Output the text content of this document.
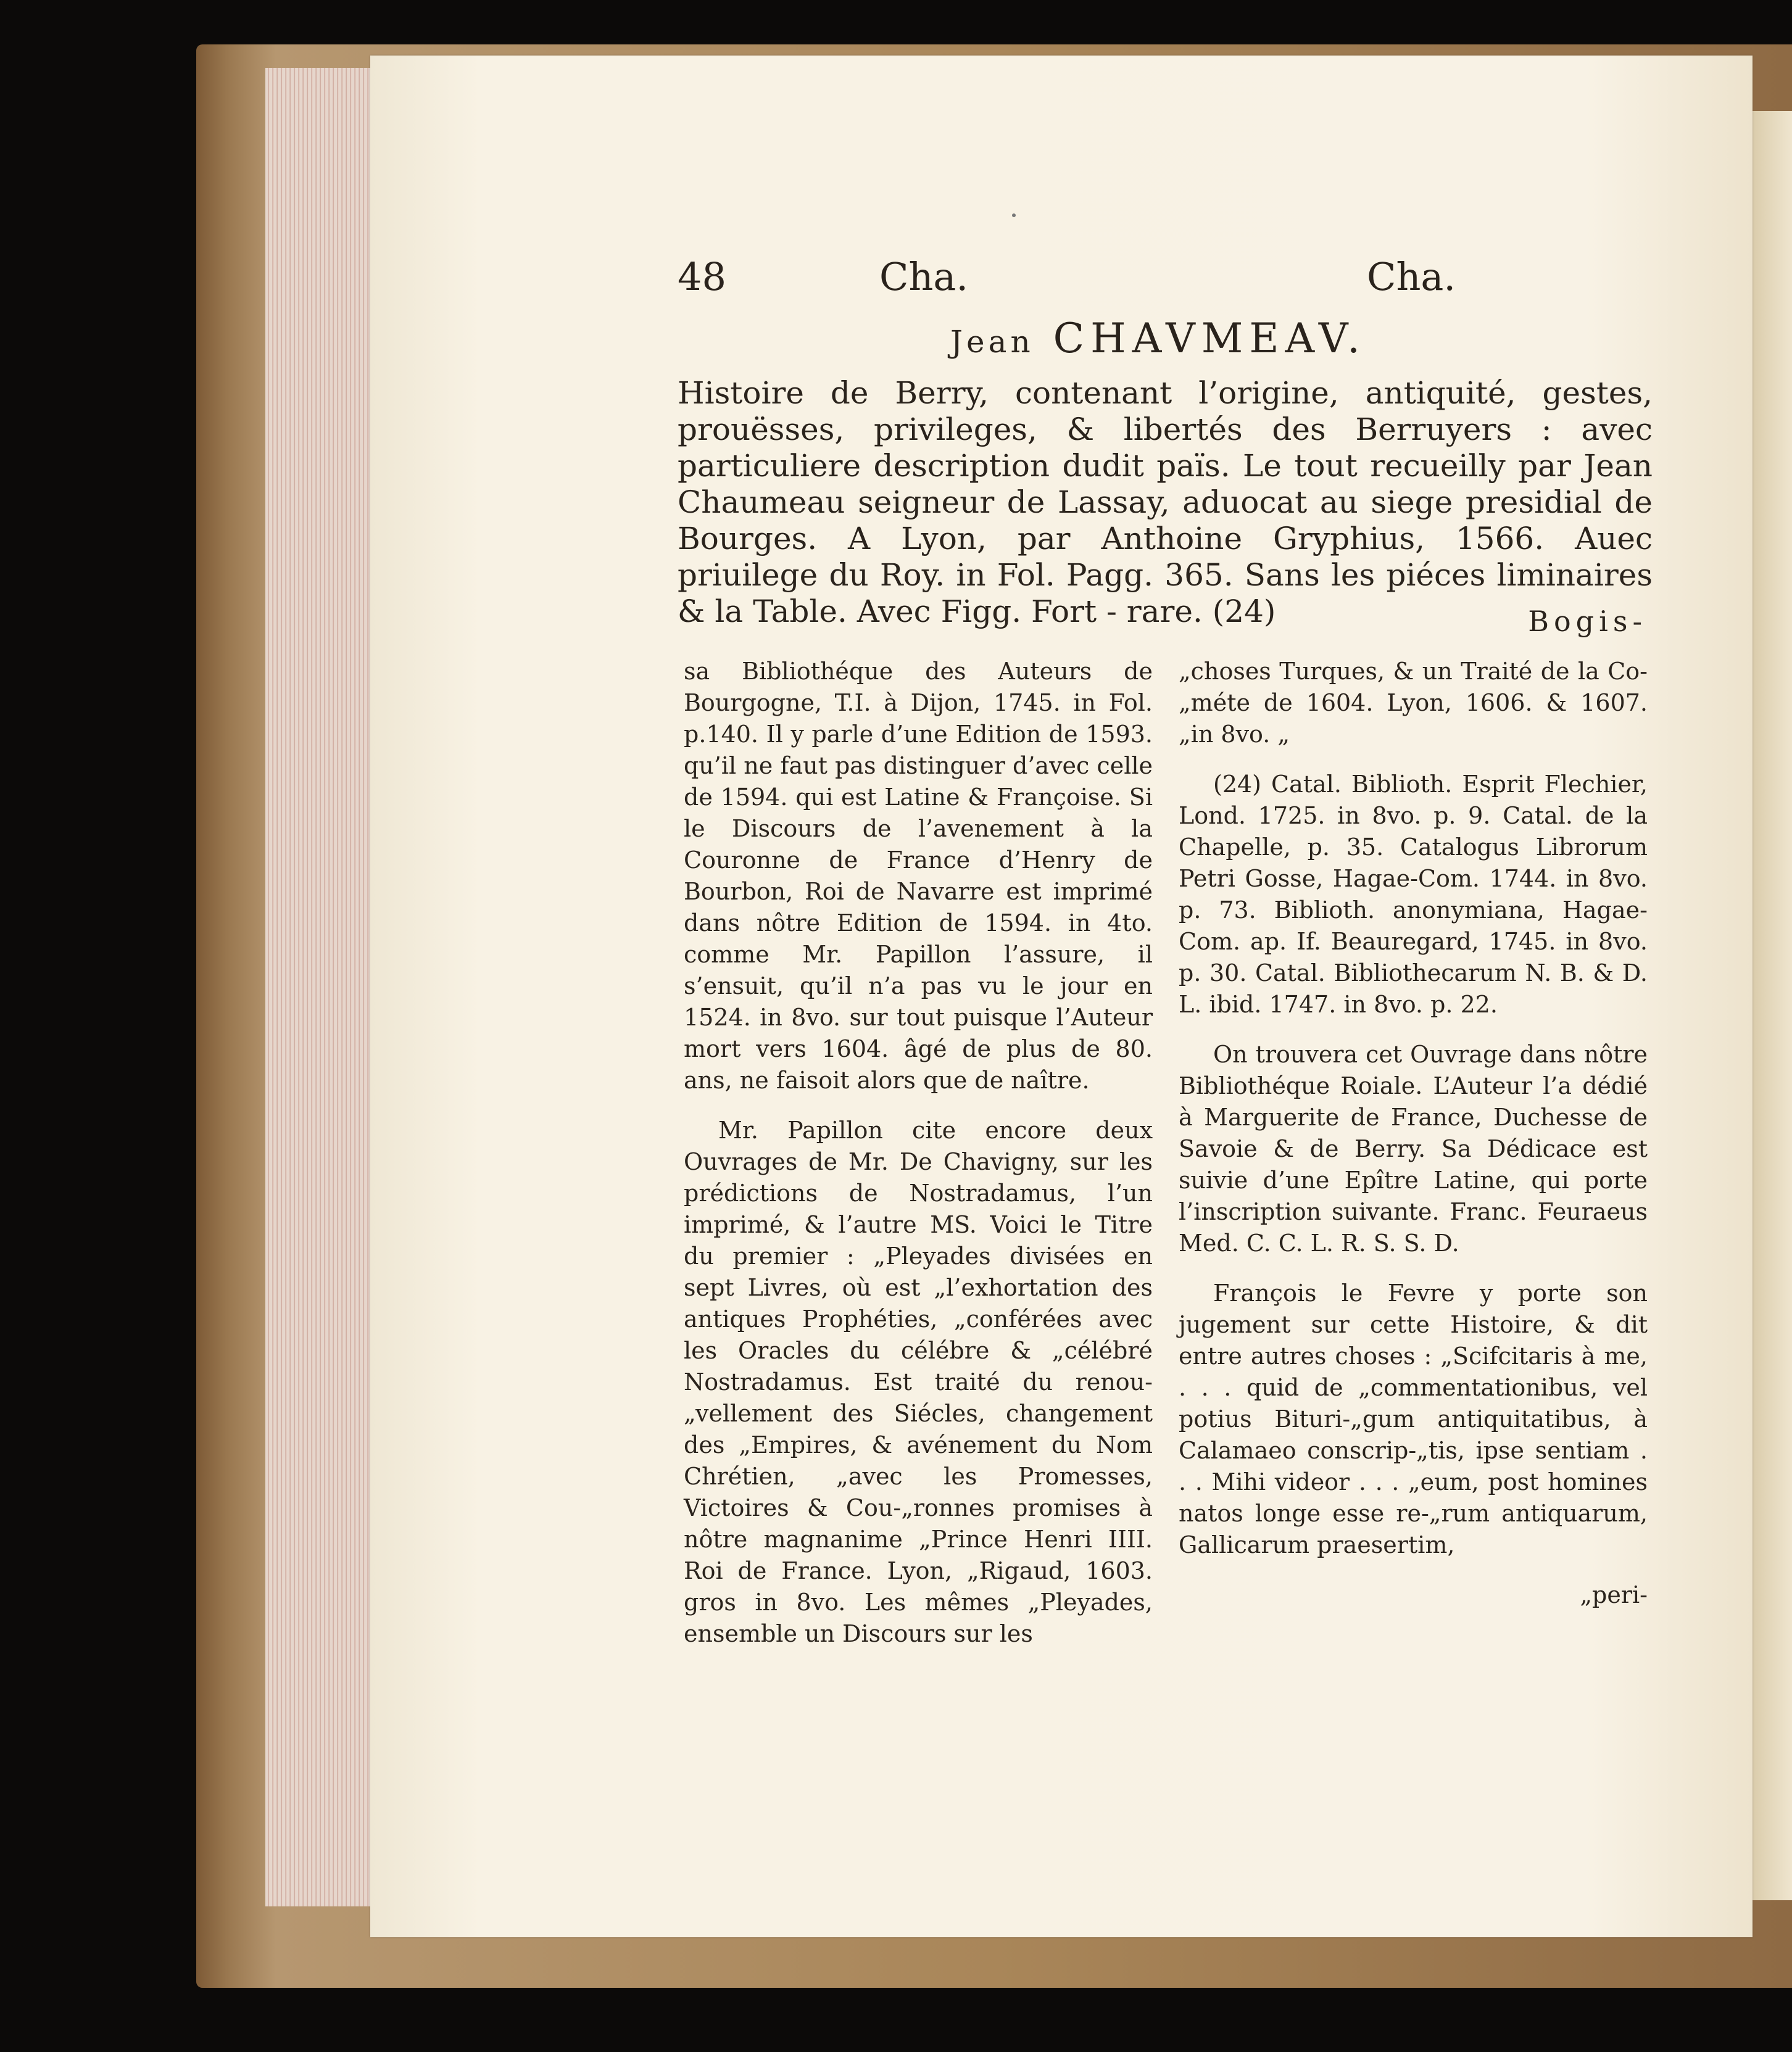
48	Cha.	Cha.
Jean CHAVMEAV.
Histoire de Berry, contenant l’origine, antiquité, gestes, prouësses, privileges, & libertés des Berruyers : avec particuliere description dudit païs. Le tout recueilly par Jean Chaumeau seigneur de Lassay, aduocat au siege presidial de Bourges. A Lyon, par Anthoine Gryphius, 1566. Auec priuilege du Roy. in Fol. Pagg. 365. Sans les piéces liminaires & la Table. Avec Figg. Fort - rare. (24)	Bogis-

sa Bibliothéque des Auteurs de Bourgogne, T.I. à Dijon, 1745. in Fol. p.140. Il y parle d’une Edition de 1593. qu’il ne faut pas distinguer d’avec celle de 1594. qui est Latine & Françoise. Si le Discours de l’avenement à la Couronne de France d’Henry de Bourbon, Roi de Navarre est imprimé dans nôtre Edition de 1594. in 4to. comme Mr. Papillon l’assure, il s’ensuit, qu’il n’a pas vu le jour en 1524. in 8vo. sur tout puisque l’Auteur mort vers 1604. âgé de plus de 80. ans, ne faisoit alors que de naître.

Mr. Papillon cite encore deux Ouvrages de Mr. De Chavigny, sur les prédictions de Nostradamus, l’un imprimé, & l’autre MS. Voici le Titre du premier : „Pleyades divisées en sept Livres, où est „l’exhortation des antiques Prophéties, „conférées avec les Oracles du célébre & „célébré Nostradamus. Est traité du renou-„vellement des Siécles, changement des „Empires, & avénement du Nom Chrétien, „avec les Promesses, Victoires & Cou-„ronnes promises à nôtre magnanime „Prince Henri IIII. Roi de France. Lyon, „Rigaud, 1603. gros in 8vo. Les mêmes „Pleyades, ensemble un Discours sur les

„choses Turques, & un Traité de la Co-„méte de 1604. Lyon, 1606. & 1607. „in 8vo. „

(24) Catal. Biblioth. Esprit Flechier, Lond. 1725. in 8vo. p. 9. Catal. de la Chapelle, p. 35. Catalogus Librorum Petri Gosse, Hagae-Com. 1744. in 8vo. p. 73. Biblioth. anonymiana, Hagae-Com. ap. If. Beauregard, 1745. in 8vo. p. 30. Catal. Bibliothecarum N. B. & D. L. ibid. 1747. in 8vo. p. 22.

On trouvera cet Ouvrage dans nôtre Bibliothéque Roiale. L’Auteur l’a dédié à Marguerite de France, Duchesse de Savoie & de Berry. Sa Dédicace est suivie d’une Epître Latine, qui porte l’inscription suivante. Franc. Feuraeus Med. C. C. L. R. S. S. D.

François le Fevre y porte son jugement sur cette Histoire, & dit entre autres choses : „Scifcitaris à me, . . . quid de „commentationibus, vel potius Bituri-„gum antiquitatibus, à Calamaeo conscrip-„tis, ipse sentiam . . . Mihi videor . . . „eum, post homines natos longe esse re-„rum antiquarum, Gallicarum praesertim,

„peri-
